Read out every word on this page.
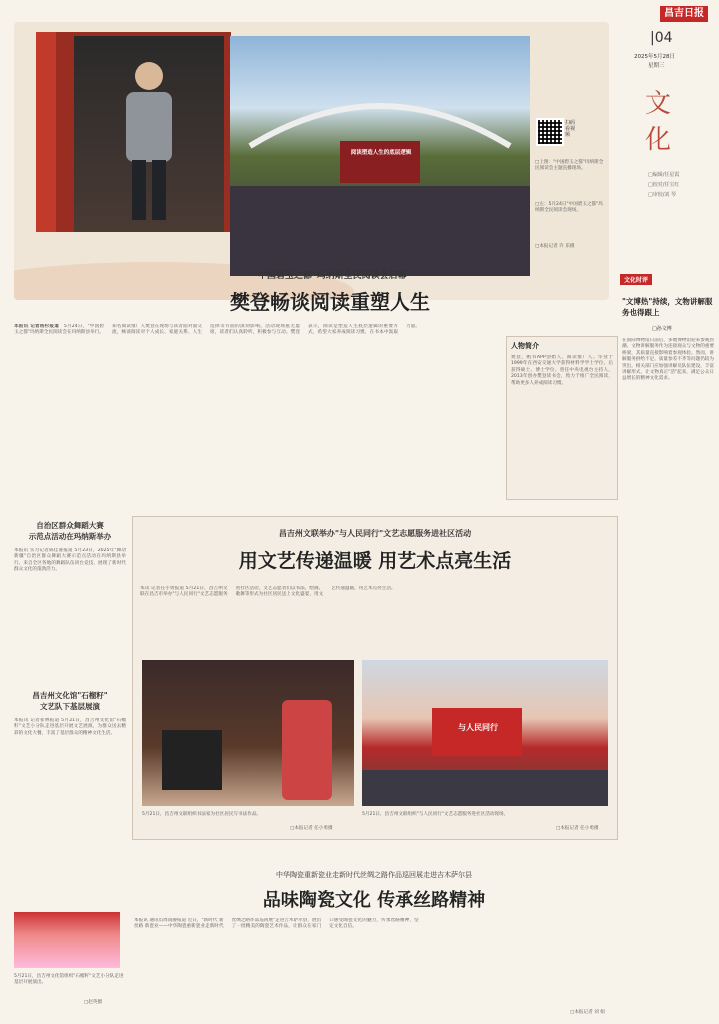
昌吉日报
|04
2025年5月28日
星期三
文化
□编辑/任星霞
□校对/任宝红
□审校/刘 琴
阅读塑造人生的底层逻辑
扫码看视频
□上图："中国碧玉之都"玛纳斯全民阅读会主题直播现场。
□左：5月24日"中国碧玉之都"玛纳斯全民阅读会现场。
□本报记者 许 乐摄
"中国碧玉之都"玛纳斯全民阅读会启幕
樊登畅谈阅读重塑人生
本报讯 记者杨杉报道　 5月24日，"中国碧玉之都"玛纳斯全民阅读会在玛纳斯县举行。知名阅读推广人樊登在现场与读者面对面交流，畅谈阅读对个人成长、家庭关系、人生选择等方面的深刻影响。活动现场座无虚席，读者们认真聆听，积极参与互动。樊登表示，阅读是塑造人生底层逻辑的重要方式，希望大家养成阅读习惯，在书本中汲取力量。
人物简介
樊登，帆书APP创始人，阅读推广人。毕业于1999年在西安交通大学获得材料学学士学位，后获得硕士、博士学位。曾任中央电视台主持人，2013年创办樊登读书会，致力于推广全民阅读，帮助更多人养成阅读习惯。
文化时评
"文博热"持续，文物讲解服务也得跟上
□孙文博
在国际博物馆日前后，多地博物馆迎来参观热潮。文物讲解服务作为连接观众与文物的重要桥梁，其质量直接影响着参观体验。然而，讲解服务供给不足、质量参差不齐等问题仍较为突出。相关部门应加强讲解员队伍建设，丰富讲解形式，让文物真正"活"起来，满足公众日益增长的精神文化需求。
自治区群众舞蹈大赛
示范点活动在玛纳斯举办
本报讯 实习记者陈佳嘉报道 5月23日，2025年"舞动新疆"自治区群众舞蹈大赛示范点活动在玛纳斯县举行。来自全区各地的舞蹈队伍同台竞技，展现了新时代群众文化的蓬勃活力。
昌吉州文化馆"石榴籽"
文艺队下基层展演
本报讯 记者崔林报道 5月21日，昌吉州文化馆"石榴籽"文艺小分队走进基层开展文艺展演，为群众送去精彩的文化大餐，丰富了基层群众的精神文化生活。
5月21日，昌吉州文化馆组织"石榴籽"文艺小分队走进基层开展演出。
□赵英摄
昌吉州文联举办"与人民同行"文艺志愿服务进社区活动
用文艺传递温暖 用艺术点亮生活
本讯 记者任小勇报道 5月21日，昌吉州文联在昌吉市举办"与人民同行"文艺志愿服务进社区活动，文艺志愿者们以书法、绘画、歌舞等形式为社区居民送上文化盛宴，用文艺传递温暖，用艺术点亮生活。
与人民同行
5月21日，昌吉州文联组织书法家为社区居民写书法作品。
□本报记者 任小勇摄
5月21日，昌吉州文联组织"与人民同行"文艺志愿服务进社区活动现场。
□本报记者 任小勇摄
中华陶瓷重新瓷业走新时代丝绸之路作品巡回展走进吉木萨尔县
品味陶瓷文化 传承丝路精神
本报讯 通讯员周雨静报道 近日，"新时代 新丝路 新瓷业——中华陶瓷重新瓷业走新时代丝绸之路作品巡回展"走进吉木萨尔县，展出了一批精美的陶瓷艺术作品，让群众在家门口感受陶瓷文化的魅力，传承丝路精神，坚定文化自信。
□本报记者 刘 娟
